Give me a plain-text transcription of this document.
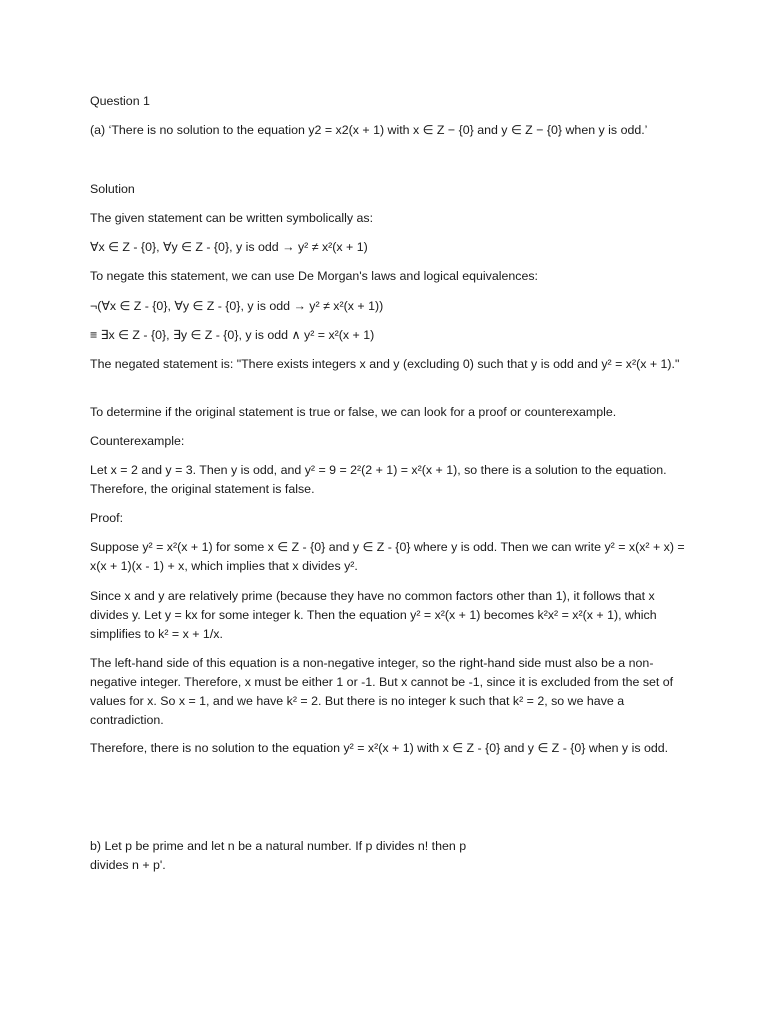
Question 1

(a) ‘There is no solution to the equation y2 = x2(x + 1) with x ∈ Z − {0} and y ∈ Z − {0} when y is odd.’

Solution

The given statement can be written symbolically as:

∀x ∈ Z - {0}, ∀y ∈ Z - {0}, y is odd → y² ≠ x²(x + 1)

To negate this statement, we can use De Morgan's laws and logical equivalences:

¬(∀x ∈ Z - {0}, ∀y ∈ Z - {0}, y is odd → y² ≠ x²(x + 1))

≡ ∃x ∈ Z - {0}, ∃y ∈ Z - {0}, y is odd ∧ y² = x²(x + 1)

The negated statement is: "There exists integers x and y (excluding 0) such that y is odd and y² = x²(x + 1)."

To determine if the original statement is true or false, we can look for a proof or counterexample.

Counterexample:

Let x = 2 and y = 3. Then y is odd, and y² = 9 = 2²(2 + 1) = x²(x + 1), so there is a solution to the equation. Therefore, the original statement is false.

Proof:

Suppose y² = x²(x + 1) for some x ∈ Z - {0} and y ∈ Z - {0} where y is odd. Then we can write y² = x(x² + x) = x(x + 1)(x - 1) + x, which implies that x divides y².

Since x and y are relatively prime (because they have no common factors other than 1), it follows that x divides y. Let y = kx for some integer k. Then the equation y² = x²(x + 1) becomes k²x² = x²(x + 1), which simplifies to k² = x + 1/x.

The left-hand side of this equation is a non-negative integer, so the right-hand side must also be a non-negative integer. Therefore, x must be either 1 or -1. But x cannot be -1, since it is excluded from the set of values for x. So x = 1, and we have k² = 2. But there is no integer k such that k² = 2, so we have a contradiction.

Therefore, there is no solution to the equation y² = x²(x + 1) with x ∈ Z - {0} and y ∈ Z - {0} when y is odd.

b) Let p be prime and let n be a natural number. If p divides n! then p

divides n + p'.
